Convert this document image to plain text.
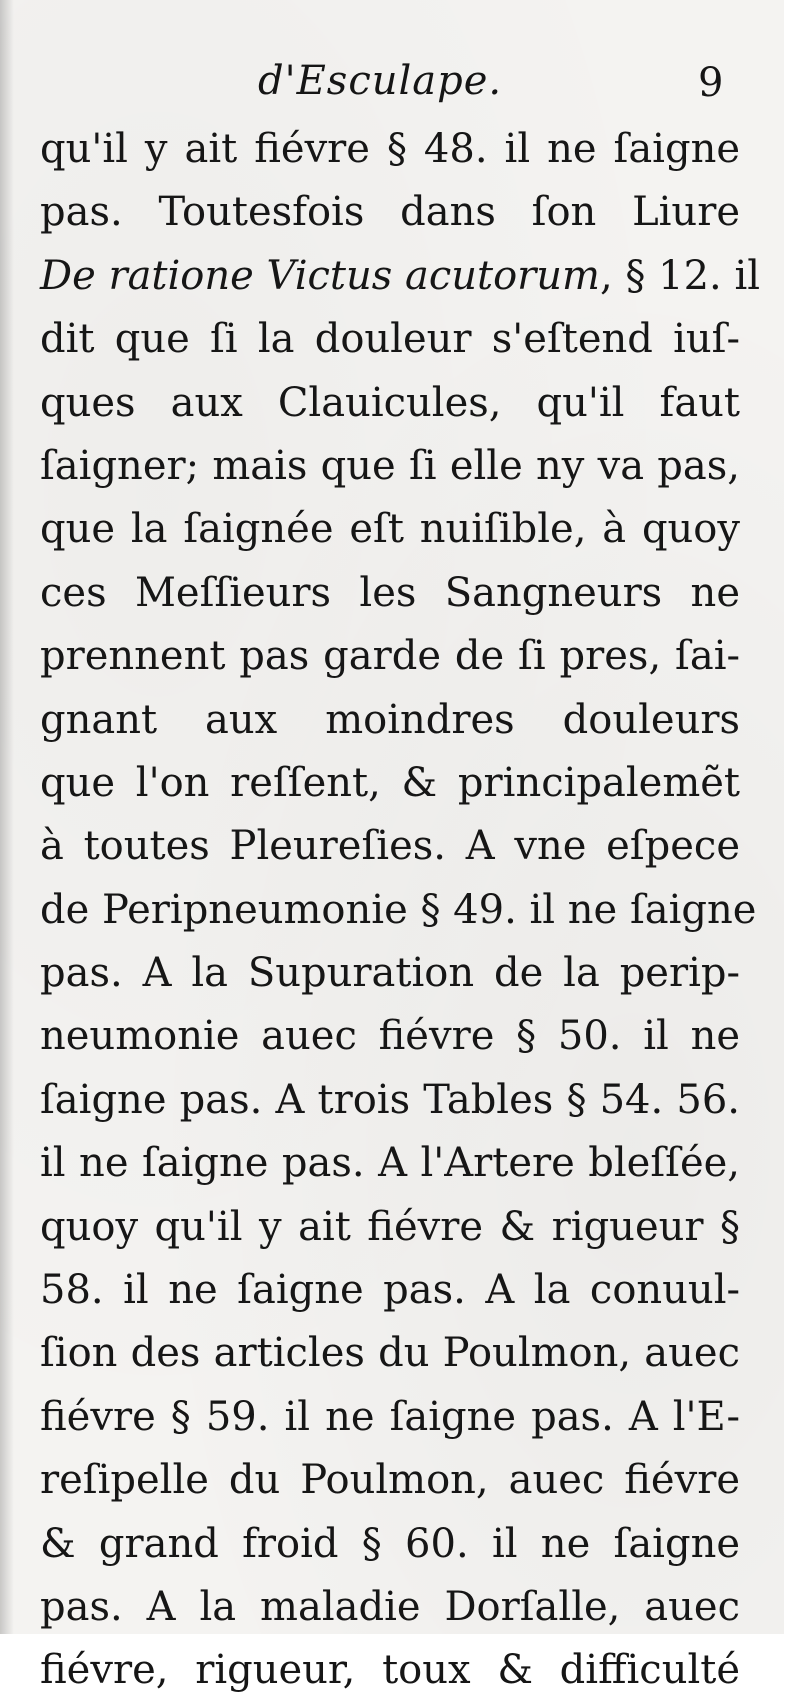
d'Esculape.	9
qu'il y ait fiévre § 48. il ne ſaigne
pas. Toutesfois dans ſon Liure
De ratione Victus acutorum, § 12. il
dit que ſi la douleur s'eſtend iuſ-
ques aux Clauicules, qu'il faut
ſaigner; mais que ſi elle ny va pas,
que la ſaignée eſt nuiſible, à quoy
ces Meſſieurs les Sangneurs ne
prennent pas garde de ſi pres, ſai-
gnant aux moindres douleurs
que l'on reſſent, & principalemẽt
à toutes Pleureſies. A vne eſpece
de Peripneumonie § 49. il ne ſaigne
pas. A la Supuration de la perip-
neumonie auec fiévre § 50. il ne
ſaigne pas. A trois Tables § 54. 56.
il ne ſaigne pas. A l'Artere bleſſée,
quoy qu'il y ait fiévre & rigueur §
58. il ne ſaigne pas. A la conuul-
ſion des articles du Poulmon, auec
fiévre § 59. il ne ſaigne pas. A l'E-
reſipelle du Poulmon, auec fiévre
& grand froid § 60. il ne ſaigne
pas. A la maladie Dorſalle, auec
fiévre, rigueur, toux & difficulté
